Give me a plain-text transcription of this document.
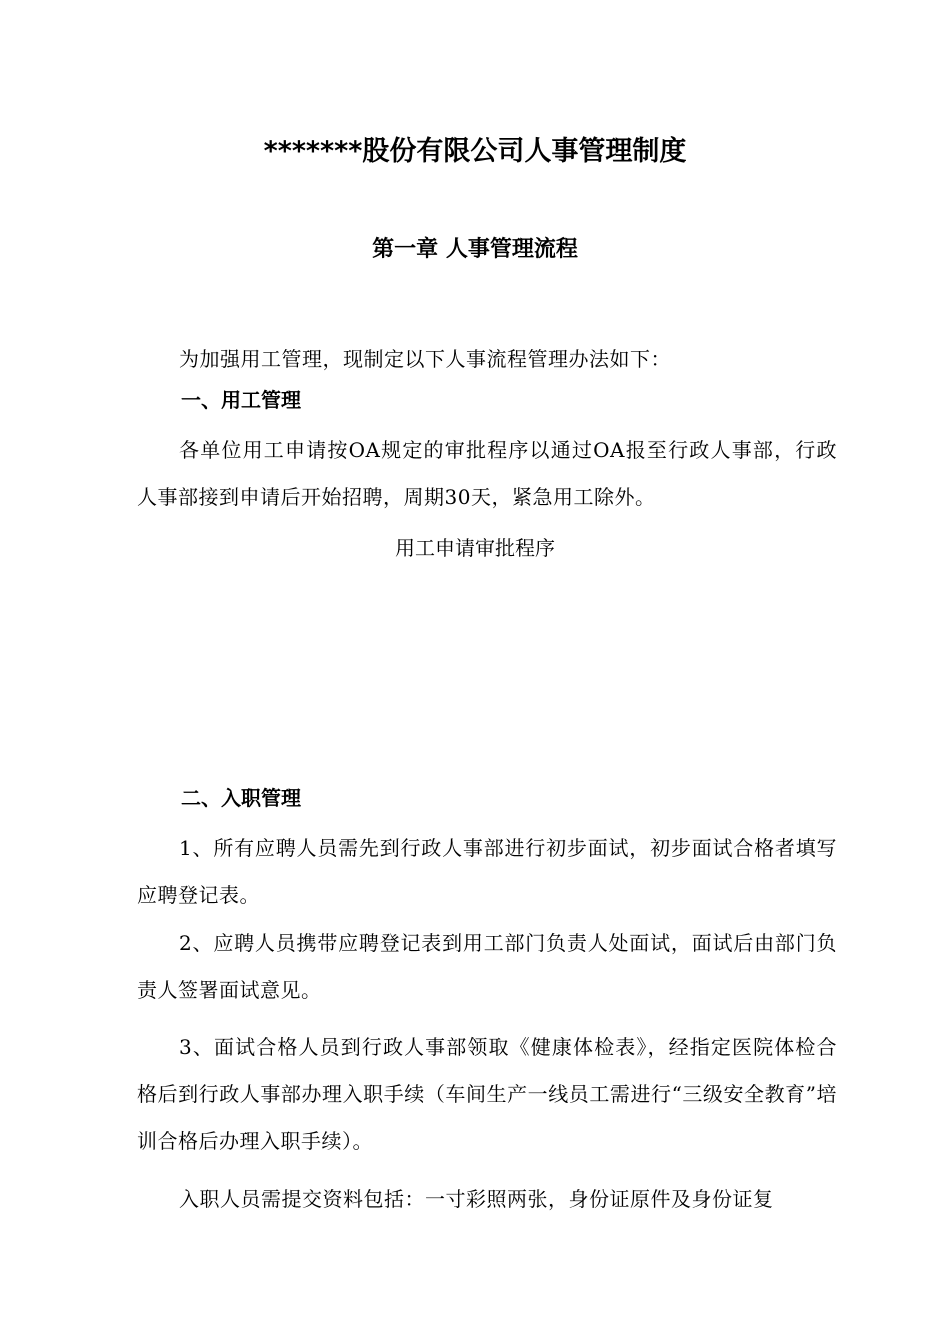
*******股份有限公司人事管理制度
第一章 人事管理流程

为加强用工管理，现制定以下人事流程管理办法如下：

一、用工管理

各单位用工申请按OA规定的审批程序以通过OA报至行政人事部，行政人事部接到申请后开始招聘，周期30天，紧急用工除外。

用工申请审批程序

二、入职管理

1、所有应聘人员需先到行政人事部进行初步面试，初步面试合格者填写应聘登记表。

2、应聘人员携带应聘登记表到用工部门负责人处面试，面试后由部门负责人签署面试意见。

3、面试合格人员到行政人事部领取《健康体检表》，经指定医院体检合格后到行政人事部办理入职手续（车间生产一线员工需进行“三级安全教育”培训合格后办理入职手续）。

入职人员需提交资料包括：一寸彩照两张，身份证原件及身份证复
